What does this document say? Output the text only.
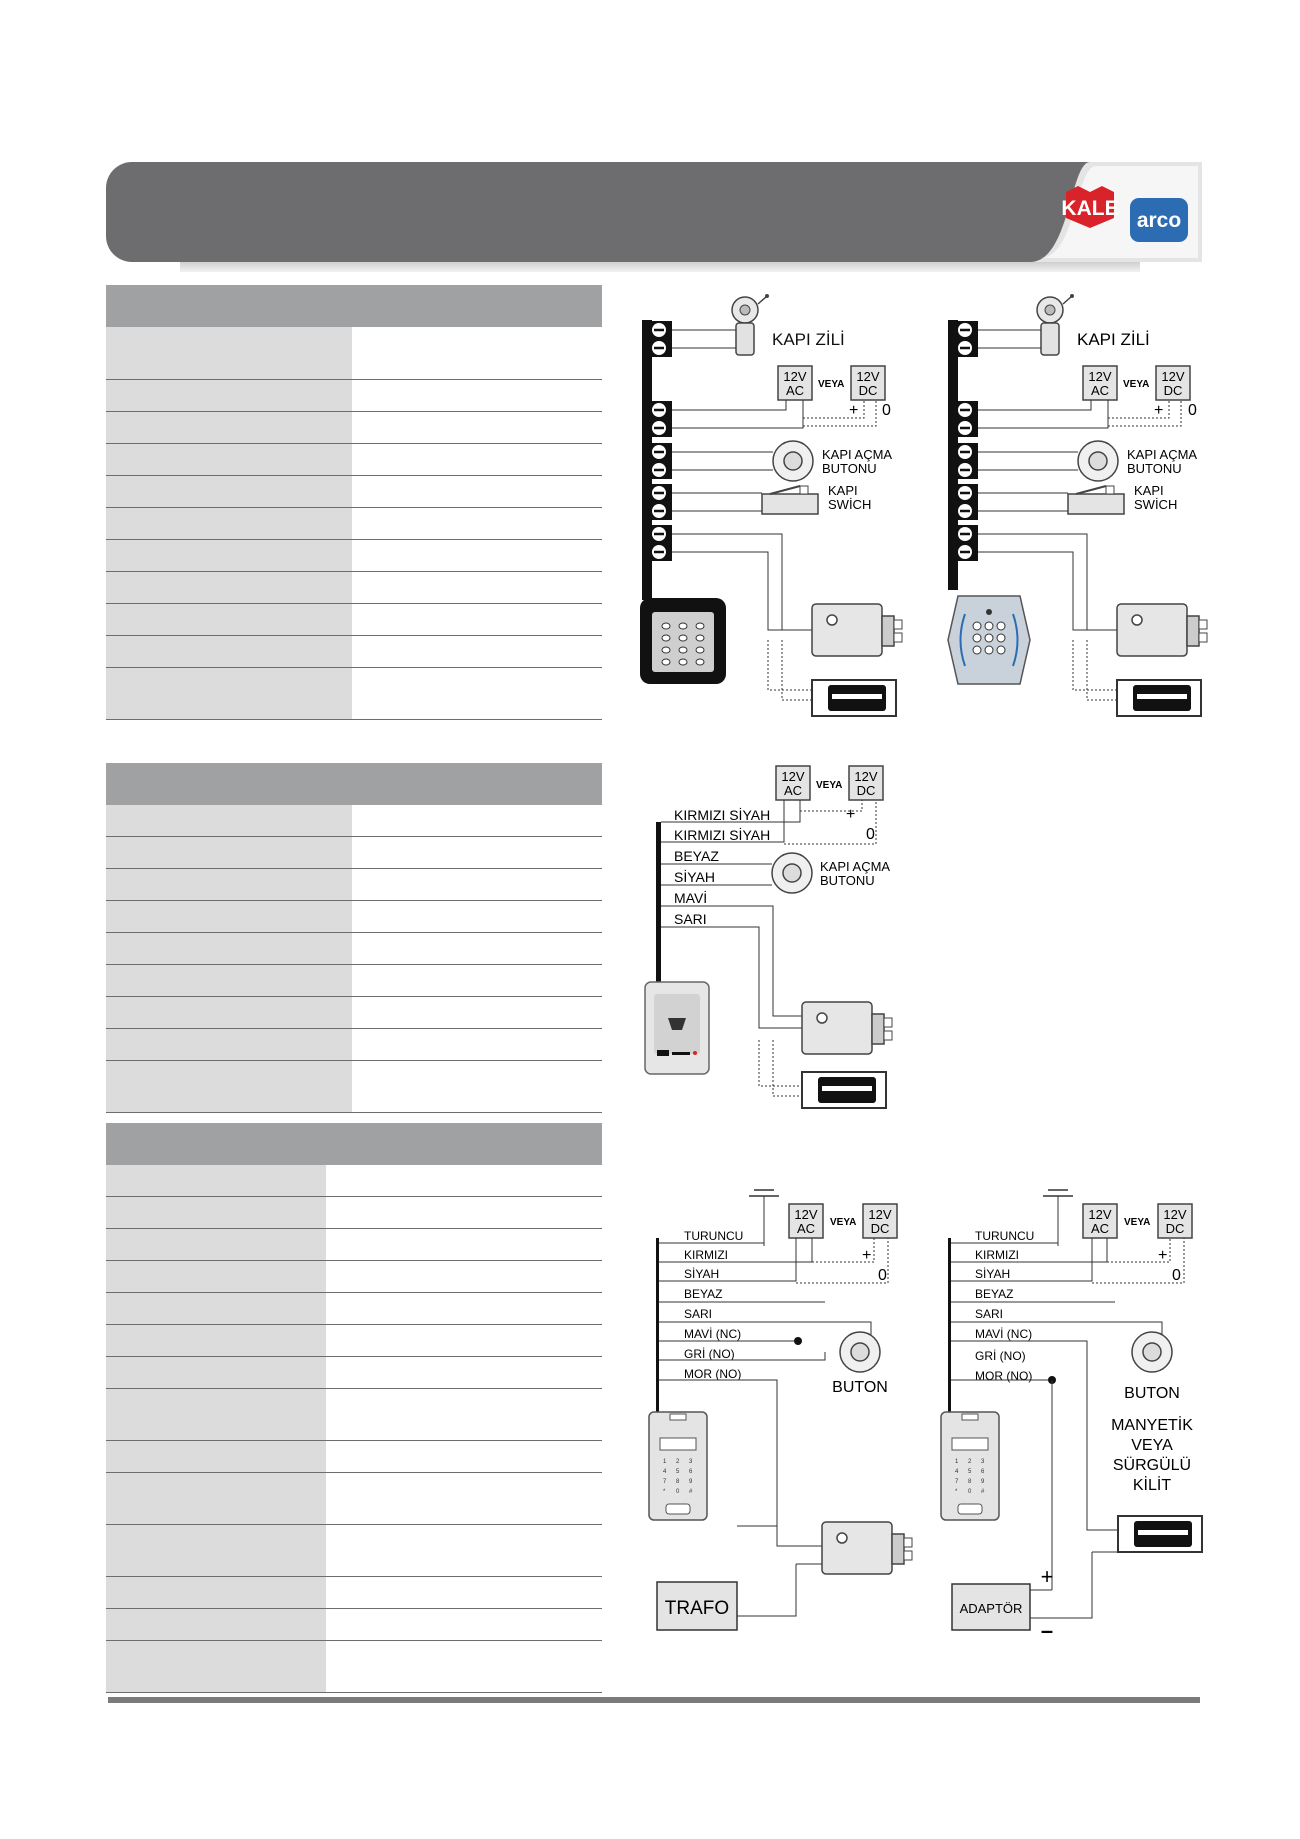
KALE
arco
KAPI ZİLİ
12V
AC VEYA
12V
DC
+ 0
KAPI AÇMA
BUTONU
KAPI
SWİCH
KAPI ZİLİ
12V
AC VEYA
12V
DC
+ 0
KAPI AÇMA
BUTONU
KAPI
SWİCH
12V
AC VEYA
12V
DC
+
0
KIRMIZI SİYAH
KIRMIZI SİYAH
BEYAZ
SİYAH
MAVİ
SARI
KAPI AÇMA
BUTONU
12V
AC VEYA
12V
DC
TURUNCU
KIRMIZI
SİYAH
BEYAZ
SARI
MAVİ (NC)
GRİ (NO)
MOR (NO)
+
0
BUTON
1 2 3
4 5 6
7 8 9
* 0 #
TRAFO
12V
AC VEYA
12V
DC
TURUNCU
KIRMIZI
SİYAH
BEYAZ
SARI
MAVİ (NC)
GRİ (NO)
MOR (NO)
+
0
BUTON
MANYETİK
VEYA
SÜRGÜLÜ
KİLİT
1 2 3
4 5 6
7 8 9
* 0 #
ADAPTÖR
+
–
